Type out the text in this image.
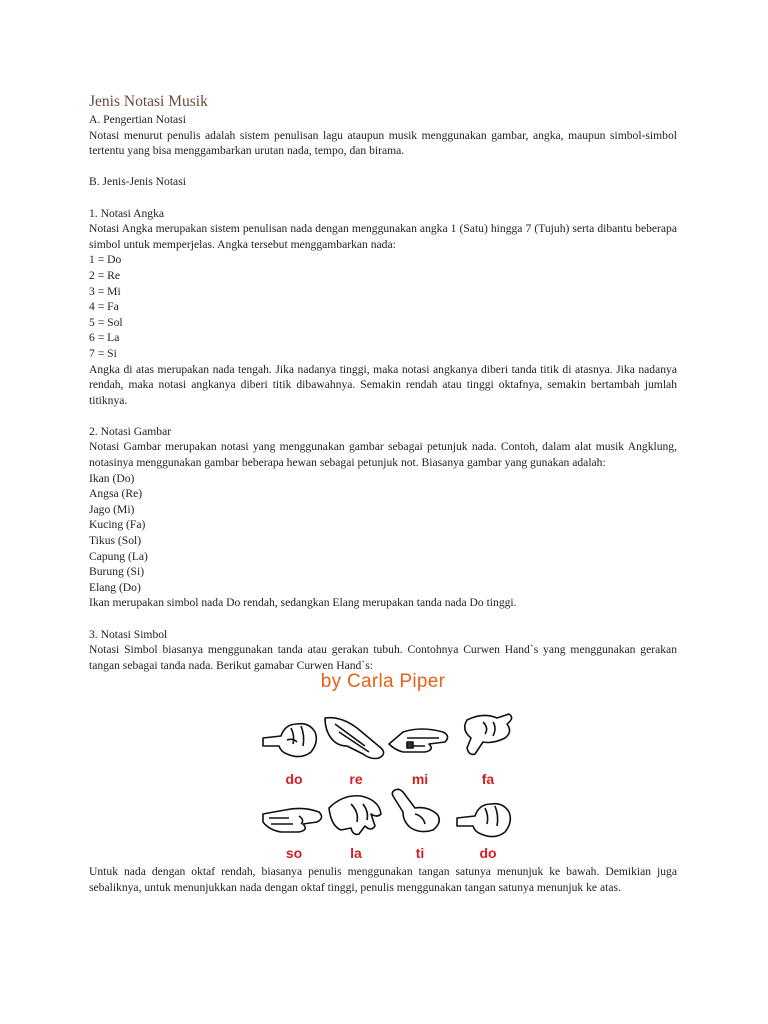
Jenis Notasi Musik

A. Pengertian Notasi

Notasi menurut penulis adalah sistem penulisan lagu ataupun musik menggunakan gambar, angka, maupun simbol-simbol tertentu yang bisa menggambarkan urutan nada, tempo, dan birama.

B. Jenis-Jenis Notasi

1. Notasi Angka

Notasi Angka merupakan sistem penulisan nada dengan menggunakan angka 1 (Satu) hingga 7 (Tujuh) serta dibantu beberapa simbol untuk memperjelas. Angka tersebut menggambarkan nada:

1 = Do
2 = Re
3 = Mi
4 = Fa
5 = Sol
6 = La
7 = Si

Angka di atas merupakan nada tengah. Jika nadanya tinggi, maka notasi angkanya diberi tanda titik di atasnya. Jika nadanya rendah, maka notasi angkanya diberi titik dibawahnya. Semakin rendah atau tinggi oktafnya, semakin bertambah jumlah titiknya.

2. Notasi Gambar

Notasi Gambar merupakan notasi yang menggunakan gambar sebagai petunjuk nada. Contoh, dalam alat musik Angklung, notasinya menggunakan gambar beberapa hewan sebagai petunjuk not. Biasanya gambar yang gunakan adalah:

Ikan (Do)
Angsa (Re)
Jago (Mi)
Kucing (Fa)
Tikus (Sol)
Capung (La)
Burung (Si)
Elang (Do)

Ikan merupakan simbol nada Do rendah, sedangkan Elang merupakan tanda nada Do tinggi.

3. Notasi Simbol

Notasi Simbol biasanya menggunakan tanda atau gerakan tubuh. Contohnya Curwen Hand`s yang menggunakan gerakan tangan sebagai tanda nada. Berikut gamabar Curwen Hand`s:

by Carla Piper
do	re	mi	fa
so	la	ti	do

Untuk nada dengan oktaf rendah, biasanya penulis menggunakan tangan satunya menunjuk ke bawah. Demikian juga sebaliknya, untuk menunjukkan nada dengan oktaf tinggi, penulis menggunakan tangan satunya menunjuk ke atas.
